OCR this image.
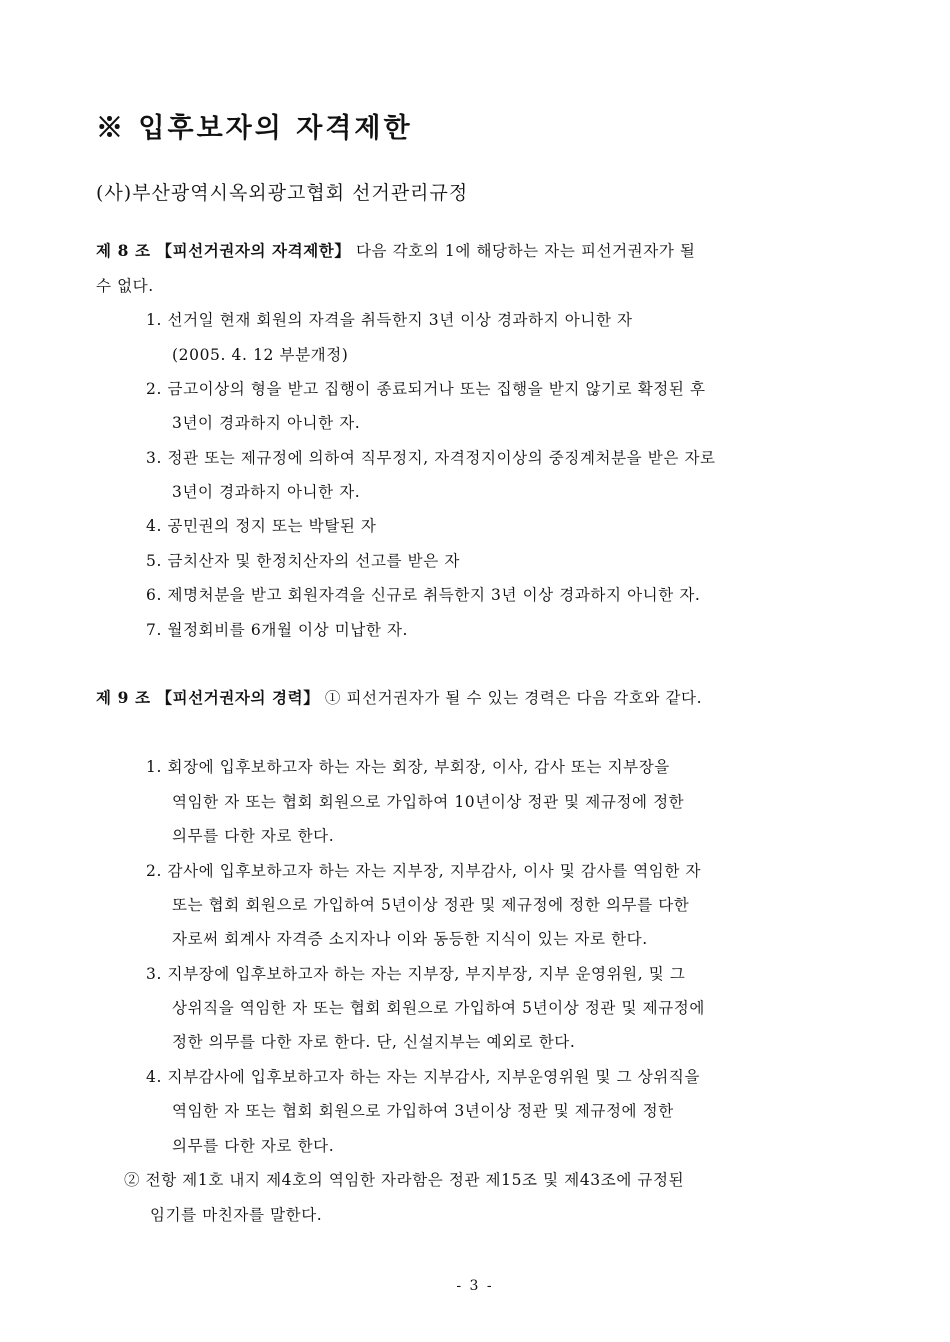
※ 입후보자의 자격제한
(사)부산광역시옥외광고협회 선거관리규정
제 8 조 【피선거권자의 자격제한】 다음 각호의 1에 해당하는 자는 피선거권자가 될
수 없다.
1. 선거일 현재 회원의 자격을 취득한지 3년 이상 경과하지 아니한 자
(2005. 4. 12 부분개정)
2. 금고이상의 형을 받고 집행이 종료되거나 또는 집행을 받지 않기로 확정된 후
3년이 경과하지 아니한 자.
3. 정관 또는 제규정에 의하여 직무정지, 자격정지이상의 중징계처분을 받은 자로
3년이 경과하지 아니한 자.
4. 공민권의 정지 또는 박탈된 자
5. 금치산자 및 한정치산자의 선고를 받은 자
6. 제명처분을 받고 회원자격을 신규로 취득한지 3년 이상 경과하지 아니한 자.
7. 월정회비를 6개월 이상 미납한 자.
제 9 조 【피선거권자의 경력】 ① 피선거권자가 될 수 있는 경력은 다음 각호와 같다.
1. 회장에 입후보하고자 하는 자는 회장, 부회장, 이사, 감사 또는 지부장을
역임한 자 또는 협회 회원으로 가입하여 10년이상 정관 및 제규정에 정한
의무를 다한 자로 한다.
2. 감사에 입후보하고자 하는 자는 지부장, 지부감사, 이사 및 감사를 역임한 자
또는 협회 회원으로 가입하여 5년이상 정관 및 제규정에 정한 의무를 다한
자로써 회계사 자격증 소지자나 이와 동등한 지식이 있는 자로 한다.
3. 지부장에 입후보하고자 하는 자는 지부장, 부지부장, 지부 운영위원, 및 그
상위직을 역임한 자 또는 협회 회원으로 가입하여 5년이상 정관 및 제규정에
정한 의무를 다한 자로 한다. 단, 신설지부는 예외로 한다.
4. 지부감사에 입후보하고자 하는 자는 지부감사, 지부운영위원 및 그 상위직을
역임한 자 또는 협회 회원으로 가입하여 3년이상 정관 및 제규정에 정한
의무를 다한 자로 한다.
② 전항 제1호 내지 제4호의 역임한 자라함은 정관 제15조 및 제43조에 규정된
임기를 마친자를 말한다.
- 3 -
